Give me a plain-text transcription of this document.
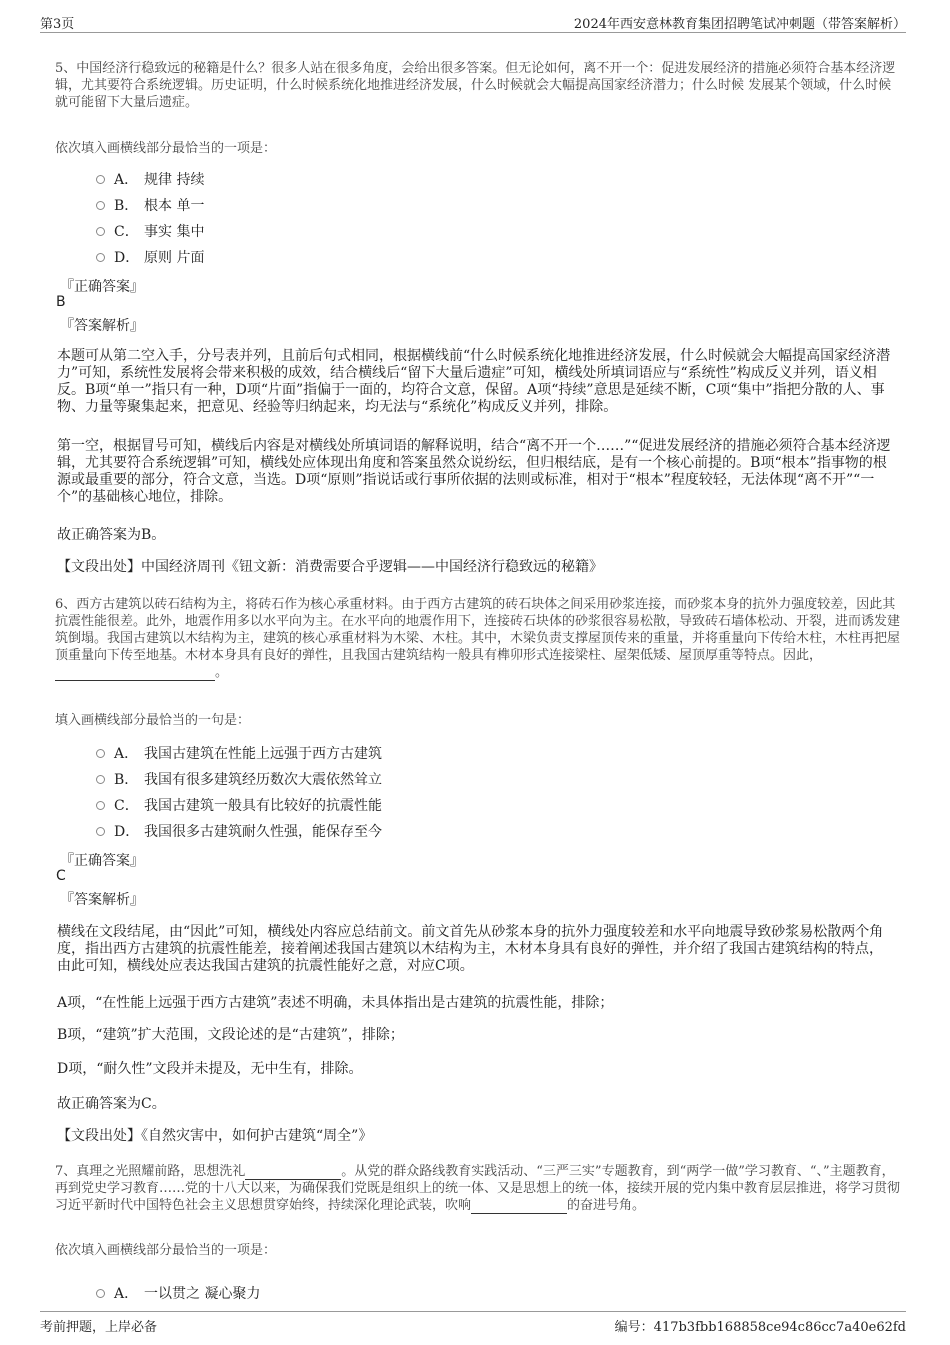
第3页	2024年西安意林教育集团招聘笔试冲刺题（带答案解析）
5、中国经济行稳致远的秘籍是什么？很多人站在很多角度，会给出很多答案。但无论如何，离不开一个：促进发展经济的措施必须符合基本经济逻辑，尤其要符合系统逻辑。历史证明，什么时候系统化地推进经济发展，什么时候就会大幅提高国家经济潜力；什么时候 发展某个领域，什么时候就可能留下大量后遗症。
依次填入画横线部分最恰当的一项是：
A． 规律 持续
B． 根本 单一
C． 事实 集中
D． 原则 片面
『正确答案』
B
『答案解析』
本题可从第二空入手，分号表并列，且前后句式相同，根据横线前“什么时候系统化地推进经济发展，什么时候就会大幅提高国家经济潜力”可知，系统性发展将会带来积极的成效，结合横线后“留下大量后遗症”可知，横线处所填词语应与“系统性”构成反义并列，语义相反。B项“单一”指只有一种，D项“片面”指偏于一面的，均符合文意，保留。A项“持续”意思是延续不断，C项“集中”指把分散的人、事物、力量等聚集起来，把意见、经验等归纳起来，均无法与“系统化”构成反义并列，排除。
第一空，根据冒号可知，横线后内容是对横线处所填词语的解释说明，结合“离不开一个……”“促进发展经济的措施必须符合基本经济逻辑，尤其要符合系统逻辑”可知，横线处应体现出角度和答案虽然众说纷纭，但归根结底，是有一个核心前提的。B项“根本”指事物的根源或最重要的部分，符合文意，当选。D项“原则”指说话或行事所依据的法则或标准，相对于“根本”程度较轻，无法体现“离不开”“一个”的基础核心地位，排除。
故正确答案为B。
【文段出处】中国经济周刊《钮文新：消费需要合乎逻辑——中国经济行稳致远的秘籍》
6、西方古建筑以砖石结构为主，将砖石作为核心承重材料。由于西方古建筑的砖石块体之间采用砂浆连接，而砂浆本身的抗外力强度较差，因此其抗震性能很差。此外，地震作用多以水平向为主。在水平向的地震作用下，连接砖石块体的砂浆很容易松散，导致砖石墙体松动、开裂，进而诱发建筑倒塌。我国古建筑以木结构为主，建筑的核心承重材料为木梁、木柱。其中，木梁负责支撑屋顶传来的重量，并将重量向下传给木柱，木柱再把屋顶重量向下传至地基。木材本身具有良好的弹性，且我国古建筑结构一般具有榫卯形式连接梁柱、屋架低矮、屋顶厚重等特点。因此，。
填入画横线部分最恰当的一句是：
A． 我国古建筑在性能上远强于西方古建筑
B． 我国有很多建筑经历数次大震依然耸立
C． 我国古建筑一般具有比较好的抗震性能
D． 我国很多古建筑耐久性强，能保存至今
『正确答案』
C
『答案解析』
横线在文段结尾，由“因此”可知，横线处内容应总结前文。前文首先从砂浆本身的抗外力强度较差和水平向地震导致砂浆易松散两个角度，指出西方古建筑的抗震性能差，接着阐述我国古建筑以木结构为主，木材本身具有良好的弹性，并介绍了我国古建筑结构的特点，由此可知，横线处应表达我国古建筑的抗震性能好之意，对应C项。
A项，“在性能上远强于西方古建筑”表述不明确，未具体指出是古建筑的抗震性能，排除；
B项，“建筑”扩大范围，文段论述的是“古建筑”，排除；
D项，“耐久性”文段并未提及，无中生有，排除。
故正确答案为C。
【文段出处】《自然灾害中，如何护古建筑“周全”》
7、真理之光照耀前路，思想洗礼	。从党的群众路线教育实践活动、“三严三实”专题教育，到“两学一做”学习教育、“、”主题教育，再到党史学习教育……党的十八大以来，为确保我们党既是组织上的统一体、又是思想上的统一体，接续开展的党内集中教育层层推进，将学习贯彻习近平新时代中国特色社会主义思想贯穿始终，持续深化理论武装，吹响	的奋进号角。
依次填入画横线部分最恰当的一项是：
A． 一以贯之 凝心聚力
考前押题，上岸必备	编号：417b3fbb168858ce94c86cc7a40e62fd
